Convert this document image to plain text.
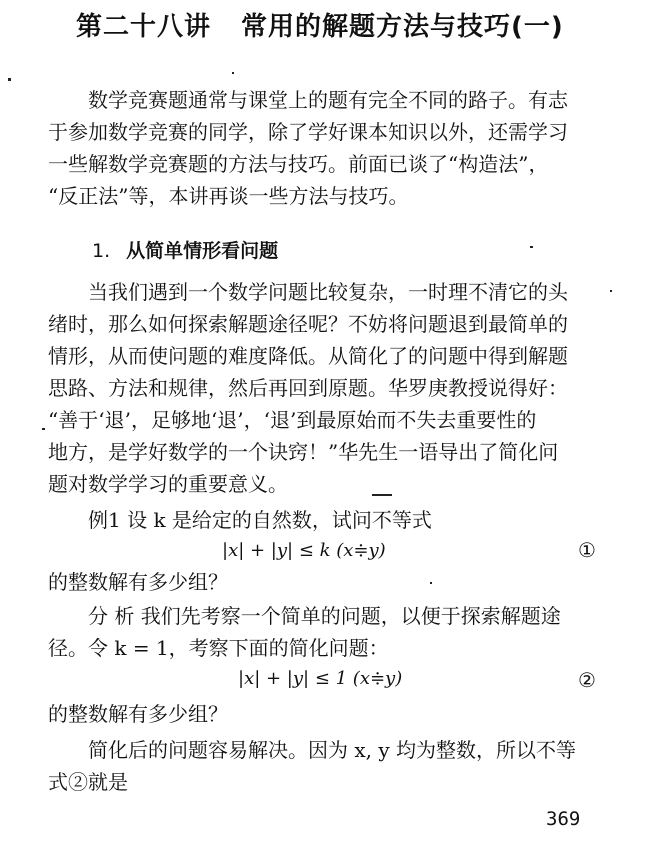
第二十八讲 常用的解题方法与技巧(一)
数学竞赛题通常与课堂上的题有完全不同的路子。有志
于参加数学竞赛的同学，除了学好课本知识以外，还需学习
一些解数学竞赛题的方法与技巧。前面已谈了“构造法”，
“反正法”等，本讲再谈一些方法与技巧。
1. 从简单情形看问题
当我们遇到一个数学问题比较复杂，一时理不清它的头
绪时，那么如何探索解题途径呢？不妨将问题退到最简单的
情形，从而使问题的难度降低。从简化了的问题中得到解题
思路、方法和规律，然后再回到原题。华罗庚教授说得好：
“善于‘退’，足够地‘退’，‘退’到最原始而不失去重要性的
地方，是学好数学的一个诀窍！”华先生一语导出了简化问
题对数学学习的重要意义。
例1 设 k 是给定的自然数，试问不等式
|x| + |y| ≤ k (x≑y)	①
的整数解有多少组？
分 析 我们先考察一个简单的问题，以便于探索解题途
径。令 k = 1，考察下面的简化问题：
|x| + |y| ≤ 1 (x≑y)	②
的整数解有多少组？
简化后的问题容易解决。因为 x, y 均为整数，所以不等
式②就是
369
